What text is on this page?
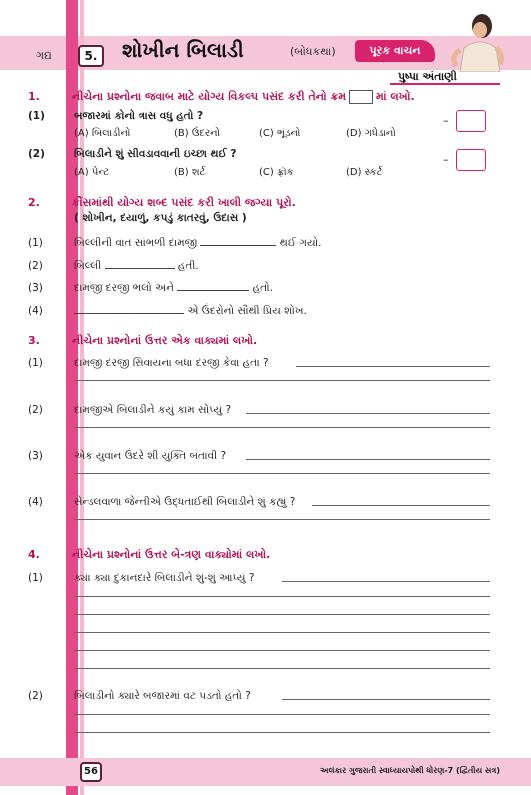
ગદ્ય	5.	શોખીન બિલાડી	(બોધકથા)	પૂરક વાચન
પુષ્પા અંતાણી
1.	નીચેના પ્રશ્નોના જવાબ માટે યોગ્ય વિકલ્પ પસંદ કરી તેનો ક્રમ	માં લખો.
(1)	બજારમાં કોનો ત્રાસ વધુ હતો ?
(A) બિલાડીનો	(B) ઉંદરનો	(C) ભૂંડનો	(D) ગધેડાનો
–
(2)	બિલાડીને શું સીવડાવવાની ઇચ્છા થઈ ?
(A) પેન્ટ	(B) શર્ટ	(C) ફ્રૉક	(D) સ્કર્ટ
–
2.	કૌંસમાંથી યોગ્ય શબ્દ પસંદ કરી ખાલી જગ્યા પૂરો.
( શોખીન, દયાળું, કપડું કાતરવું, ઉદાસ )
(1)	બિલ્લીની વાત સાંભળી દામજી	થઈ ગયો.
(2)	બિલ્લી	હતી.
(3)	દામજી દરજી ભલો અને	હતો.
(4)	એ ઉંદરોનો સૌથી પ્રિય શોખ.
3.	નીચેના પ્રશ્નોનાં ઉત્તર એક વાક્યમાં લખો.
(1)	દામજી દરજી સિવાયના બધા દરજી કેવા હતા ?
(2)	દામજીએ બિલાડીને કયું કામ સોંપ્યું ?
(3)	એક યુવાન ઉંદરે શી યુક્તિ બતાવી ?
(4)	સેન્ડલવાળા જેન્તીએ ઉદ્ધતાઈથી બિલાડીને શું કહ્યું ?
4.	નીચેના પ્રશ્નોનાં ઉત્તર બે-ત્રણ વાક્યોમાં લખો.
(1)	ક્યા ક્યા દુકાનદારે બિલાડીને શું-શું આપ્યું ?
(2)	બિલાડીનો ક્યારે બજારમાં વટ પડતો હતો ?
56	અલંકાર ગુજરાતી સ્વાધ્યાયપોથી ધોરણ-7 (દ્વિતીય સત્ર)
